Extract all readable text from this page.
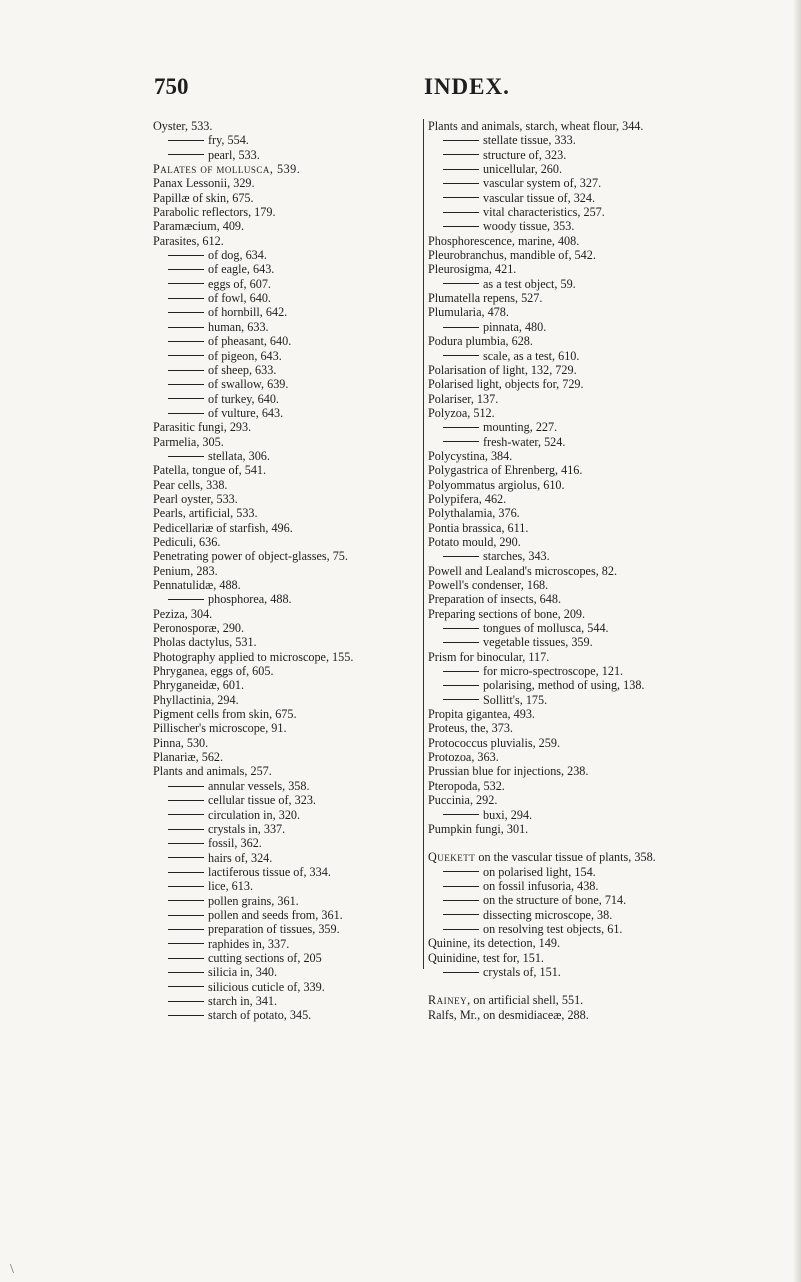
750	INDEX.
Oyster, 533.
fry, 554.
pearl, 533.
Palates of mollusca, 539.
Panax Lessonii, 329.
Papillæ of skin, 675.
Parabolic reflectors, 179.
Paramæcium, 409.
Parasites, 612.
of dog, 634.
of eagle, 643.
eggs of, 607.
of fowl, 640.
of hornbill, 642.
human, 633.
of pheasant, 640.
of pigeon, 643.
of sheep, 633.
of swallow, 639.
of turkey, 640.
of vulture, 643.
Parasitic fungi, 293.
Parmelia, 305.
stellata, 306.
Patella, tongue of, 541.
Pear cells, 338.
Pearl oyster, 533.
Pearls, artificial, 533.
Pedicellariæ of starfish, 496.
Pediculi, 636.
Penetrating power of object-glasses, 75.
Penium, 283.
Pennatulidæ, 488.
phosphorea, 488.
Peziza, 304.
Peronosporæ, 290.
Pholas dactylus, 531.
Photography applied to microscope, 155.
Phryganea, eggs of, 605.
Phryganeidæ, 601.
Phyllactinia, 294.
Pigment cells from skin, 675.
Pillischer's microscope, 91.
Pinna, 530.
Planariæ, 562.
Plants and animals, 257.
annular vessels, 358.
cellular tissue of, 323.
circulation in, 320.
crystals in, 337.
fossil, 362.
hairs of, 324.
lactiferous tissue of, 334.
lice, 613.
pollen grains, 361.
pollen and seeds from, 361.
preparation of tissues, 359.
raphides in, 337.
cutting sections of, 205
silicia in, 340.
silicious cuticle of, 339.
starch in, 341.
starch of potato, 345.
Plants and animals, starch, wheat flour, 344.
stellate tissue, 333.
structure of, 323.
unicellular, 260.
vascular system of, 327.
vascular tissue of, 324.
vital characteristics, 257.
woody tissue, 353.
Phosphorescence, marine, 408.
Pleurobranchus, mandible of, 542.
Pleurosigma, 421.
as a test object, 59.
Plumatella repens, 527.
Plumularia, 478.
pinnata, 480.
Podura plumbia, 628.
scale, as a test, 610.
Polarisation of light, 132, 729.
Polarised light, objects for, 729.
Polariser, 137.
Polyzoa, 512.
mounting, 227.
fresh-water, 524.
Polycystina, 384.
Polygastrica of Ehrenberg, 416.
Polyommatus argiolus, 610.
Polypifera, 462.
Polythalamia, 376.
Pontia brassica, 611.
Potato mould, 290.
starches, 343.
Powell and Lealand's microscopes, 82.
Powell's condenser, 168.
Preparation of insects, 648.
Preparing sections of bone, 209.
tongues of mollusca, 544.
vegetable tissues, 359.
Prism for binocular, 117.
for micro-spectroscope, 121.
polarising, method of using, 138.
Sollitt's, 175.
Propita gigantea, 493.
Proteus, the, 373.
Protococcus pluvialis, 259.
Protozoa, 363.
Prussian blue for injections, 238.
Pteropoda, 532.
Puccinia, 292.
buxi, 294.
Pumpkin fungi, 301.
Quekett on the vascular tissue of plants, 358.
on polarised light, 154.
on fossil infusoria, 438.
on the structure of bone, 714.
dissecting microscope, 38.
on resolving test objects, 61.
Quinine, its detection, 149.
Quinidine, test for, 151.
crystals of, 151.
Rainey, on artificial shell, 551.
Ralfs, Mr., on desmidiaceæ, 288.
\
